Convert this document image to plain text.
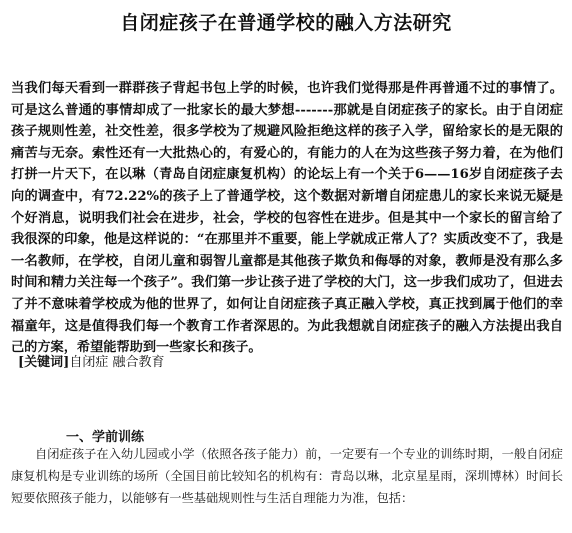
自闭症孩子在普通学校的融入方法研究

当我们每天看到一群群孩子背起书包上学的时候，也许我们觉得那是件再普通不过的事情了。可是这么普通的事情却成了一批家长的最大梦想-------那就是自闭症孩子的家长。由于自闭症孩子规则性差，社交性差，很多学校为了规避风险拒绝这样的孩子入学，留给家长的是无限的痛苦与无奈。索性还有一大批热心的，有爱心的，有能力的人在为这些孩子努力着，在为他们打拼一片天下，在以琳（青岛自闭症康复机构）的论坛上有一个关于6——16岁自闭症孩子去向的调查中，有72.22%的孩子上了普通学校，这个数据对新增自闭症患儿的家长来说无疑是个好消息，说明我们社会在进步，社会，学校的包容性在进步。但是其中一个家长的留言给了我很深的印象，他是这样说的：“在那里并不重要，能上学就成正常人了？实质改变不了，我是一名教师，在学校，自闭儿童和弱智儿童都是其他孩子欺负和侮辱的对象，教师是没有那么多时间和精力关注每一个孩子”。我们第一步让孩子进了学校的大门，这一步我们成功了，但进去了并不意味着学校成为他的世界了，如何让自闭症孩子真正融入学校，真正找到属于他们的幸福童年，这是值得我们每一个教育工作者深思的。为此我想就自闭症孩子的融入方法提出我自己的方案，希望能帮助到一些家长和孩子。

[关键词]自闭症 融合教育
一、学前训练

自闭症孩子在入幼儿园或小学（依照各孩子能力）前，一定要有一个专业的训练时期，一般自闭症康复机构是专业训练的场所（全国目前比较知名的机构有：青岛以琳，北京星星雨，深圳博林）时间长短要依照孩子能力，以能够有一些基础规则性与生活自理能力为准，包括：
